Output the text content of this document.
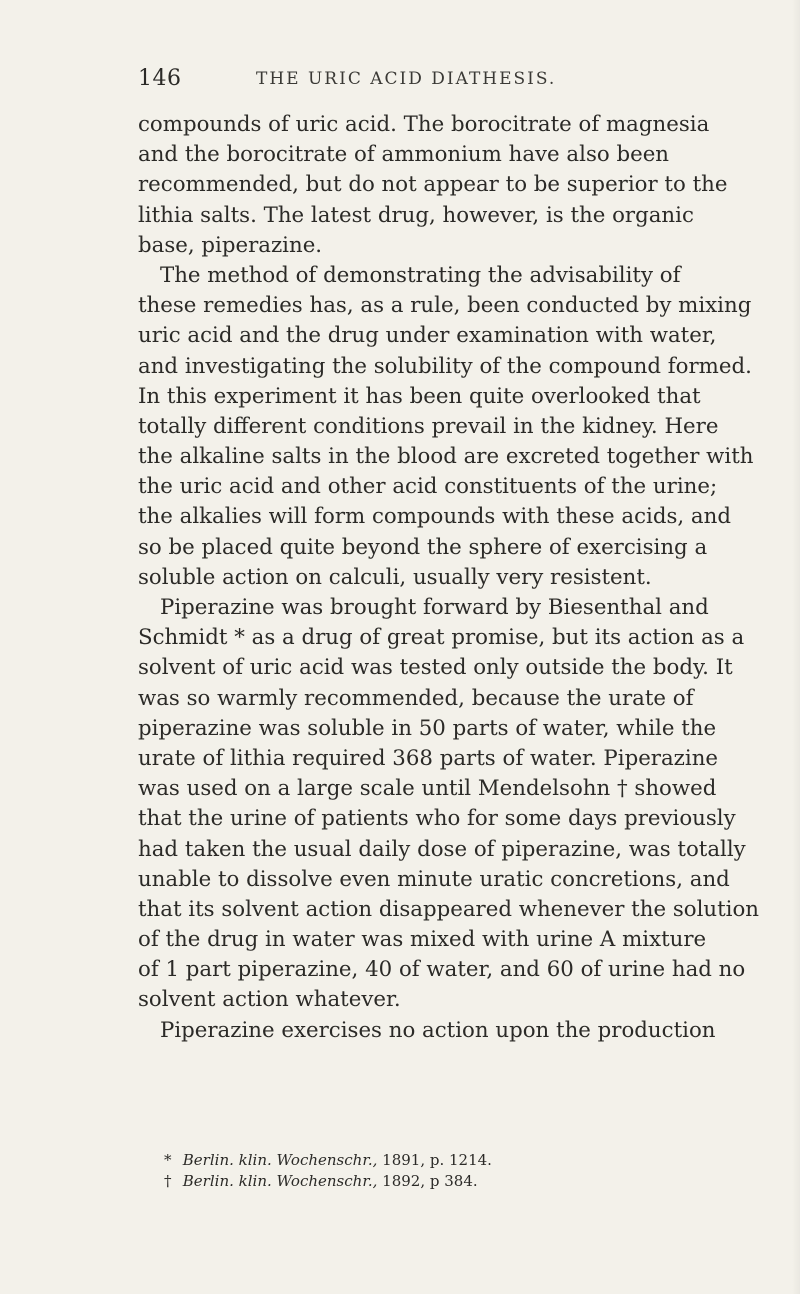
146	THE URIC ACID DIATHESIS.
compounds of uric acid. The borocitrate of magnesia
and the borocitrate of ammonium have also been
recommended, but do not appear to be superior to the
lithia salts. The latest drug, however, is the organic
base, piperazine.
The method of demonstrating the advisability of
these remedies has, as a rule, been conducted by mixing
uric acid and the drug under examination with water,
and investigating the solubility of the compound formed.
In this experiment it has been quite overlooked that
totally different conditions prevail in the kidney. Here
the alkaline salts in the blood are excreted together with
the uric acid and other acid constituents of the urine;
the alkalies will form compounds with these acids, and
so be placed quite beyond the sphere of exercising a
soluble action on calculi, usually very resistent.
Piperazine was brought forward by Biesenthal and
Schmidt * as a drug of great promise, but its action as a
solvent of uric acid was tested only outside the body. It
was so warmly recommended, because the urate of
piperazine was soluble in 50 parts of water, while the
urate of lithia required 368 parts of water. Piperazine
was used on a large scale until Mendelsohn † showed
that the urine of patients who for some days previously
had taken the usual daily dose of piperazine, was totally
unable to dissolve even minute uratic concretions, and
that its solvent action disappeared whenever the solution
of the drug in water was mixed with urine A mixture
of 1 part piperazine, 40 of water, and 60 of urine had no
solvent action whatever.
Piperazine exercises no action upon the production
* Berlin. klin. Wochenschr., 1891, p. 1214.
† Berlin. klin. Wochenschr., 1892, p 384.
